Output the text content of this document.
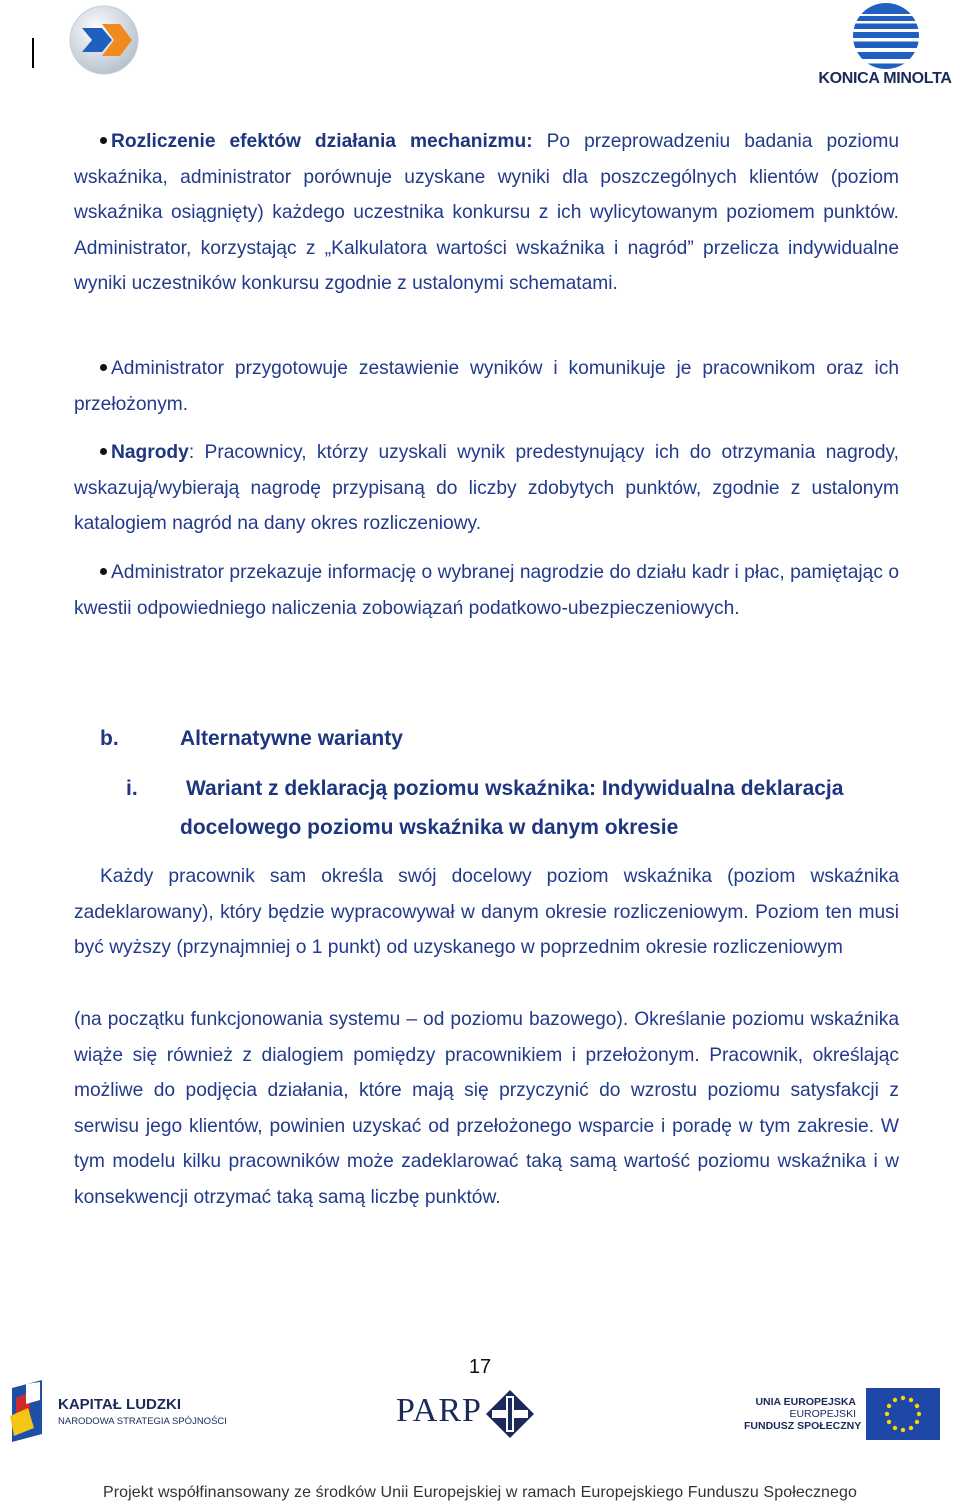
KONICA MINOLTA
Rozliczenie efektów działania mechanizmu: Po przeprowadzeniu badania poziomu wskaźnika, administrator porównuje uzyskane wyniki dla poszczególnych klientów (poziom wskaźnika osiągnięty) każdego uczestnika konkursu z ich wylicytowanym poziomem punktów. Administrator, korzystając z „Kalkulatora wartości wskaźnika i nagród” przelicza indywidualne wyniki uczestników konkursu zgodnie z ustalonymi schematami.
Administrator przygotowuje zestawienie wyników i komunikuje je pracownikom oraz ich przełożonym.
Nagrody: Pracownicy, którzy uzyskali wynik predestynujący ich do otrzymania nagrody, wskazują/wybierają nagrodę przypisaną do liczby zdobytych punktów, zgodnie z ustalonym katalogiem nagród na dany okres rozliczeniowy.
Administrator przekazuje informację o wybranej nagrodzie do działu kadr i płac, pamiętając o kwestii odpowiedniego naliczenia zobowiązań podatkowo-ubezpieczeniowych.
b.	Alternatywne warianty
i. Wariant z deklaracją poziomu wskaźnika: Indywidualna deklaracja
docelowego poziomu wskaźnika w danym okresie
Każdy pracownik sam określa swój docelowy poziom wskaźnika (poziom wskaźnika zadeklarowany), który będzie wypracowywał w danym okresie rozliczeniowym. Poziom ten musi być wyższy (przynajmniej o 1 punkt) od uzyskanego w poprzednim okresie rozliczeniowym
(na początku funkcjonowania systemu – od poziomu bazowego). Określanie poziomu wskaźnika wiąże się również z dialogiem pomiędzy pracownikiem i przełożonym. Pracownik, określając możliwe do podjęcia działania, które mają się przyczynić do wzrostu poziomu satysfakcji z serwisu jego klientów, powinien uzyskać od przełożonego wsparcie i poradę w tym zakresie. W tym modelu kilku pracowników może zadeklarować taką samą wartość poziomu wskaźnika i w konsekwencji otrzymać taką samą liczbę punktów.
17
KAPITAŁ LUDZKI
NARODOWA STRATEGIA SPÓJNOŚCI	PARP	UNIA EUROPEJSKA
EUROPEJSKI
FUNDUSZ SPOŁECZNY
Projekt współfinansowany ze środków Unii Europejskiej w ramach Europejskiego Funduszu Społecznego
